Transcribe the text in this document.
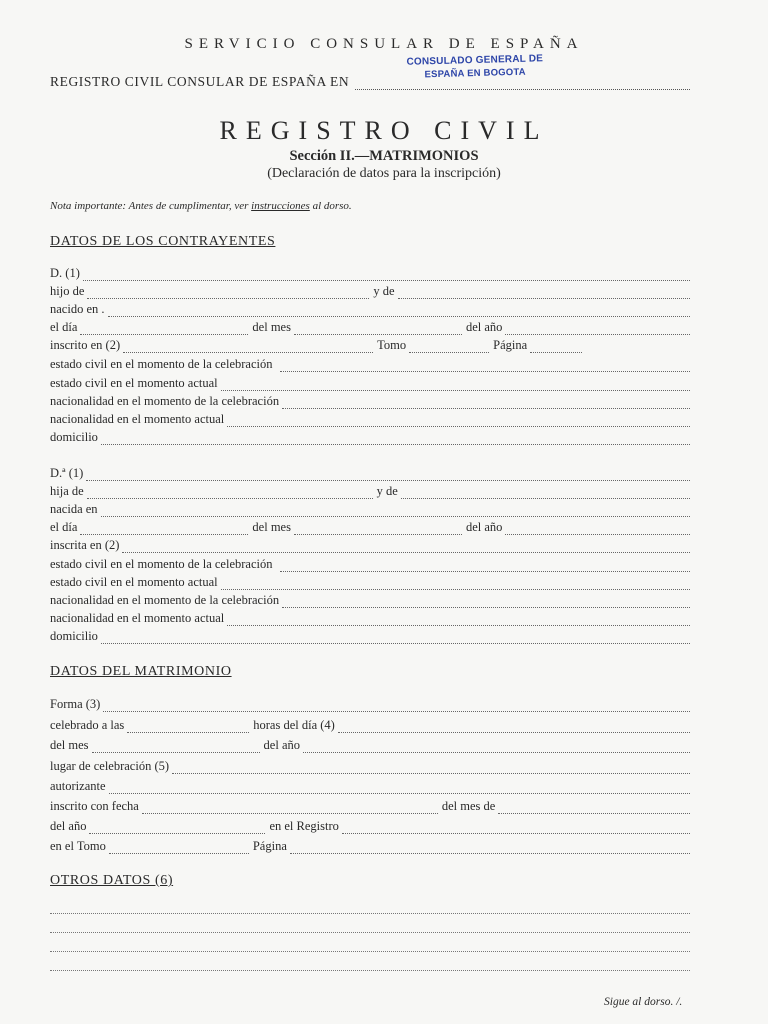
SERVICIO CONSULAR DE ESPAÑA
REGISTRO CIVIL CONSULAR DE ESPAÑA EN
CONSULADO GENERAL DE
ESPAÑA EN BOGOTA
REGISTRO CIVIL
Sección II.—MATRIMONIOS
(Declaración de datos para la inscripción)
Nota importante: Antes de cumplimentar, ver instrucciones al dorso.
DATOS DE LOS CONTRAYENTES
D. (1)
hijo de	y de
nacido en .
el día	del mes	del año
inscrito en (2)	Tomo	Página
estado civil en el momento de la celebración
estado civil en el momento actual
nacionalidad en el momento de la celebración
nacionalidad en el momento actual
domicilio
D.ª (1)
hija de	y de
nacida en
el día	del mes	del año
inscrita en (2)
estado civil en el momento de la celebración
estado civil en el momento actual
nacionalidad en el momento de la celebración
nacionalidad en el momento actual
domicilio
DATOS DEL MATRIMONIO
Forma (3)
celebrado a las	horas del día (4)
del mes	del año
lugar de celebración (5)
autorizante
inscrito con fecha	del mes de
del año	en el Registro
en el Tomo	Página
OTROS DATOS (6)
Sigue al dorso. /.
